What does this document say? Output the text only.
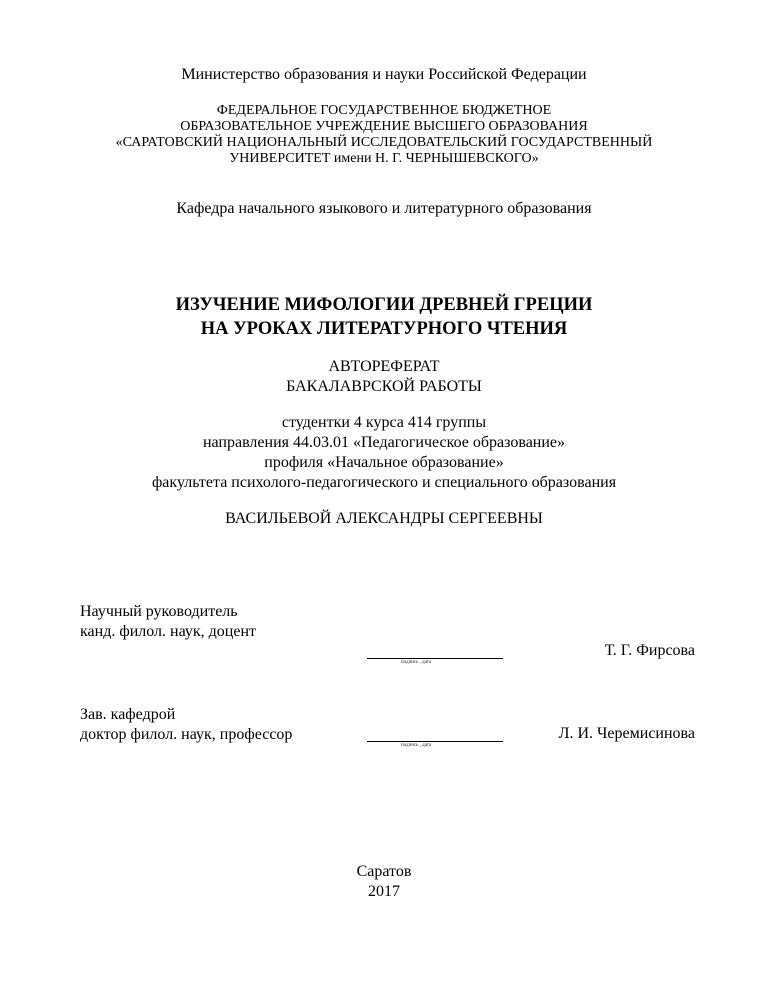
Министерство образования и науки Российской Федерации
ФЕДЕРАЛЬНОЕ ГОСУДАРСТВЕННОЕ БЮДЖЕТНОЕ
ОБРАЗОВАТЕЛЬНОЕ УЧРЕЖДЕНИЕ ВЫСШЕГО ОБРАЗОВАНИЯ
«САРАТОВСКИЙ НАЦИОНАЛЬНЫЙ ИССЛЕДОВАТЕЛЬСКИЙ ГОСУДАРСТВЕННЫЙ
УНИВЕРСИТЕТ имени Н. Г. ЧЕРНЫШЕВСКОГО»
Кафедра начального языкового и литературного образования
ИЗУЧЕНИЕ МИФОЛОГИИ ДРЕВНЕЙ ГРЕЦИИ
НА УРОКАХ ЛИТЕРАТУРНОГО ЧТЕНИЯ
АВТОРЕФЕРАТ
БАКАЛАВРСКОЙ РАБОТЫ
студентки 4 курса 414 группы
направления 44.03.01 «Педагогическое образование»
профиля «Начальное образование»
факультета психолого-педагогического и специального образования
ВАСИЛЬЕВОЙ АЛЕКСАНДРЫ СЕРГЕЕВНЫ
Научный руководитель
канд. филол. наук, доцент
подпись , дата
Т. Г. Фирсова
Зав. кафедрой
доктор филол. наук, профессор
подпись , дата
Л. И. Черемисинова
Саратов
2017
